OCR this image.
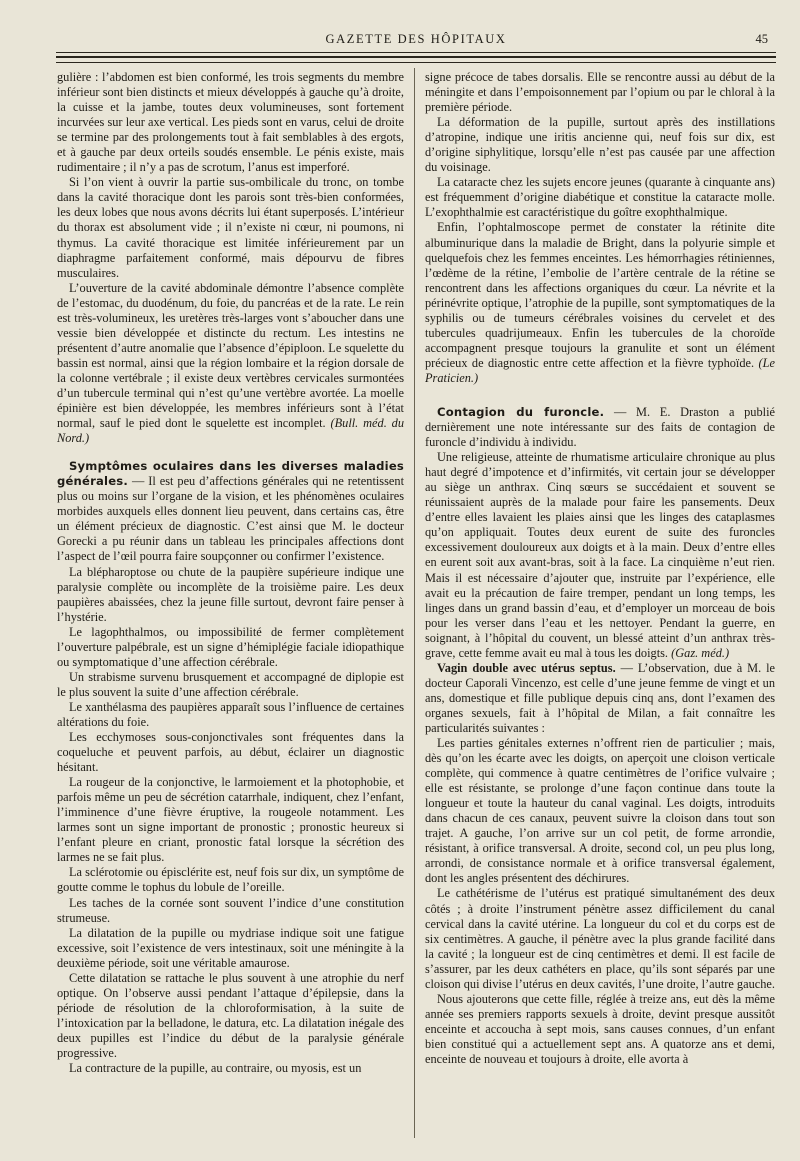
GAZETTE DES HÔPITAUX	45

gulière : l’abdomen est bien conformé, les trois segments du membre inférieur sont bien distincts et mieux développés à gauche qu’à droite, la cuisse et la jambe, toutes deux volumineuses, sont fortement incurvées sur leur axe vertical. Les pieds sont en varus, celui de droite se termine par des prolongements tout à fait semblables à des ergots, et à gauche par deux orteils soudés ensemble. Le pénis existe, mais rudimentaire ; il n’y a pas de scrotum, l’anus est imperforé.

Si l’on vient à ouvrir la partie sus-ombilicale du tronc, on tombe dans la cavité thoracique dont les parois sont très-bien conformées, les deux lobes que nous avons décrits lui étant superposés. L’intérieur du thorax est absolument vide ; il n’existe ni cœur, ni poumons, ni thymus. La cavité thoracique est limitée inférieurement par un diaphragme parfaitement conformé, mais dépourvu de fibres musculaires.

L’ouverture de la cavité abdominale démontre l’absence complète de l’estomac, du duodénum, du foie, du pancréas et de la rate. Le rein est très-volumineux, les uretères très-larges vont s’aboucher dans une vessie bien développée et distincte du rectum. Les intestins ne présentent d’autre anomalie que l’absence d’épiploon. Le squelette du bassin est normal, ainsi que la région lombaire et la région dorsale de la colonne vertébrale ; il existe deux vertèbres cervicales surmontées d’un tubercule terminal qui n’est qu’une vertèbre avortée. La moelle épinière est bien développée, les membres inférieurs sont à l’état normal, sauf le pied dont le squelette est incomplet. (Bull. méd. du Nord.)

Symptômes oculaires dans les diverses maladies générales. — Il est peu d’affections générales qui ne retentissent plus ou moins sur l’organe de la vision, et les phénomènes oculaires morbides auxquels elles donnent lieu peuvent, dans certains cas, être un élément précieux de diagnostic. C’est ainsi que M. le docteur Gorecki a pu réunir dans un tableau les principales affections dont l’aspect de l’œil pourra faire soupçonner ou confirmer l’existence.

La blépharoptose ou chute de la paupière supérieure indique une paralysie complète ou incomplète de la troisième paire. Les deux paupières abaissées, chez la jeune fille surtout, devront faire penser à l’hystérie.

Le lagophthalmos, ou impossibilité de fermer complètement l’ouverture palpébrale, est un signe d’hémiplégie faciale idiopathique ou symptomatique d’une affection cérébrale.

Un strabisme survenu brusquement et accompagné de diplopie est le plus souvent la suite d’une affection cérébrale.

Le xanthélasma des paupières apparaît sous l’influence de certaines altérations du foie.

Les ecchymoses sous-conjonctivales sont fréquentes dans la coqueluche et peuvent parfois, au début, éclairer un diagnostic hésitant.

La rougeur de la conjonctive, le larmoiement et la photophobie, et parfois même un peu de sécrétion catarrhale, indiquent, chez l’enfant, l’imminence d’une fièvre éruptive, la rougeole notamment. Les larmes sont un signe important de pronostic ; pronostic heureux si l’enfant pleure en criant, pronostic fatal lorsque la sécrétion des larmes ne se fait plus.

La sclérotomie ou épisclérite est, neuf fois sur dix, un symptôme de goutte comme le tophus du lobule de l’oreille.

Les taches de la cornée sont souvent l’indice d’une constitution strumeuse.

La dilatation de la pupille ou mydriase indique soit une fatigue excessive, soit l’existence de vers intestinaux, soit une méningite à la deuxième période, soit une véritable amaurose.

Cette dilatation se rattache le plus souvent à une atrophie du nerf optique. On l’observe aussi pendant l’attaque d’épilepsie, dans la période de résolution de la chloroformisation, à la suite de l’intoxication par la belladone, le datura, etc. La dilatation inégale des deux pupilles est l’indice du début de la paralysie générale progressive.

La contracture de la pupille, au contraire, ou myosis, est un

signe précoce de tabes dorsalis. Elle se rencontre aussi au début de la méningite et dans l’empoisonnement par l’opium ou par le chloral à la première période.

La déformation de la pupille, surtout après des instillations d’atropine, indique une iritis ancienne qui, neuf fois sur dix, est d’origine siphylitique, lorsqu’elle n’est pas causée par une affection du voisinage.

La cataracte chez les sujets encore jeunes (quarante à cinquante ans) est fréquemment d’origine diabétique et constitue la cataracte molle. L’exophthalmie est caractéristique du goître exophthalmique.

Enfin, l’ophtalmoscope permet de constater la rétinite dite albuminurique dans la maladie de Bright, dans la polyurie simple et quelquefois chez les femmes enceintes. Les hémorrhagies rétiniennes, l’œdème de la rétine, l’embolie de l’artère centrale de la rétine se rencontrent dans les affections organiques du cœur. La névrite et la périnévrite optique, l’atrophie de la pupille, sont symptomatiques de la syphilis ou de tumeurs cérébrales voisines du cervelet et des tubercules quadrijumeaux. Enfin les tubercules de la choroïde accompagnent presque toujours la granulite et sont un élément précieux de diagnostic entre cette affection et la fièvre typhoïde. (Le Praticien.)

Contagion du furoncle. — M. E. Draston a publié dernièrement une note intéressante sur des faits de contagion de furoncle d’individu à individu.

Une religieuse, atteinte de rhumatisme articulaire chronique au plus haut degré d’impotence et d’infirmités, vit certain jour se développer au siège un anthrax. Cinq sœurs se succédaient et souvent se réunissaient auprès de la malade pour faire les pansements. Deux d’entre elles lavaient les plaies ainsi que les linges des cataplasmes qu’on appliquait. Toutes deux eurent de suite des furoncles excessivement douloureux aux doigts et à la main. Deux d’entre elles en eurent soit aux avant-bras, soit à la face. La cinquième n’eut rien. Mais il est nécessaire d’ajouter que, instruite par l’expérience, elle avait eu la précaution de faire tremper, pendant un long temps, les linges dans un grand bassin d’eau, et d’employer un morceau de bois pour les verser dans l’eau et les nettoyer. Pendant la guerre, en soignant, à l’hôpital du couvent, un blessé atteint d’un anthrax très-grave, cette femme avait eu mal à tous les doigts. (Gaz. méd.)

Vagin double avec utérus septus. — L’observation, due à M. le docteur Caporali Vincenzo, est celle d’une jeune femme de vingt et un ans, domestique et fille publique depuis cinq ans, dont l’examen des organes sexuels, fait à l’hôpital de Milan, a fait connaître les particularités suivantes :

Les parties génitales externes n’offrent rien de particulier ; mais, dès qu’on les écarte avec les doigts, on aperçoit une cloison verticale complète, qui commence à quatre centimètres de l’orifice vulvaire ; elle est résistante, se prolonge d’une façon continue dans toute la longueur et toute la hauteur du canal vaginal. Les doigts, introduits dans chacun de ces canaux, peuvent suivre la cloison dans tout son trajet. A gauche, l’on arrive sur un col petit, de forme arrondie, résistant, à orifice transversal. A droite, second col, un peu plus long, arrondi, de consistance normale et à orifice transversal également, dont les angles présentent des déchirures.

Le cathétérisme de l’utérus est pratiqué simultanément des deux côtés ; à droite l’instrument pénètre assez difficilement du canal cervical dans la cavité utérine. La longueur du col et du corps est de six centimètres. A gauche, il pénètre avec la plus grande facilité dans la cavité ; la longueur est de cinq centimètres et demi. Il est facile de s’assurer, par les deux cathéters en place, qu’ils sont séparés par une cloison qui divise l’utérus en deux cavités, l’une droite, l’autre gauche.

Nous ajouterons que cette fille, réglée à treize ans, eut dès la même année ses premiers rapports sexuels à droite, devint presque aussitôt enceinte et accoucha à sept mois, sans causes connues, d’un enfant bien constitué qui a actuellement sept ans. A quatorze ans et demi, enceinte de nouveau et toujours à droite, elle avorta à
